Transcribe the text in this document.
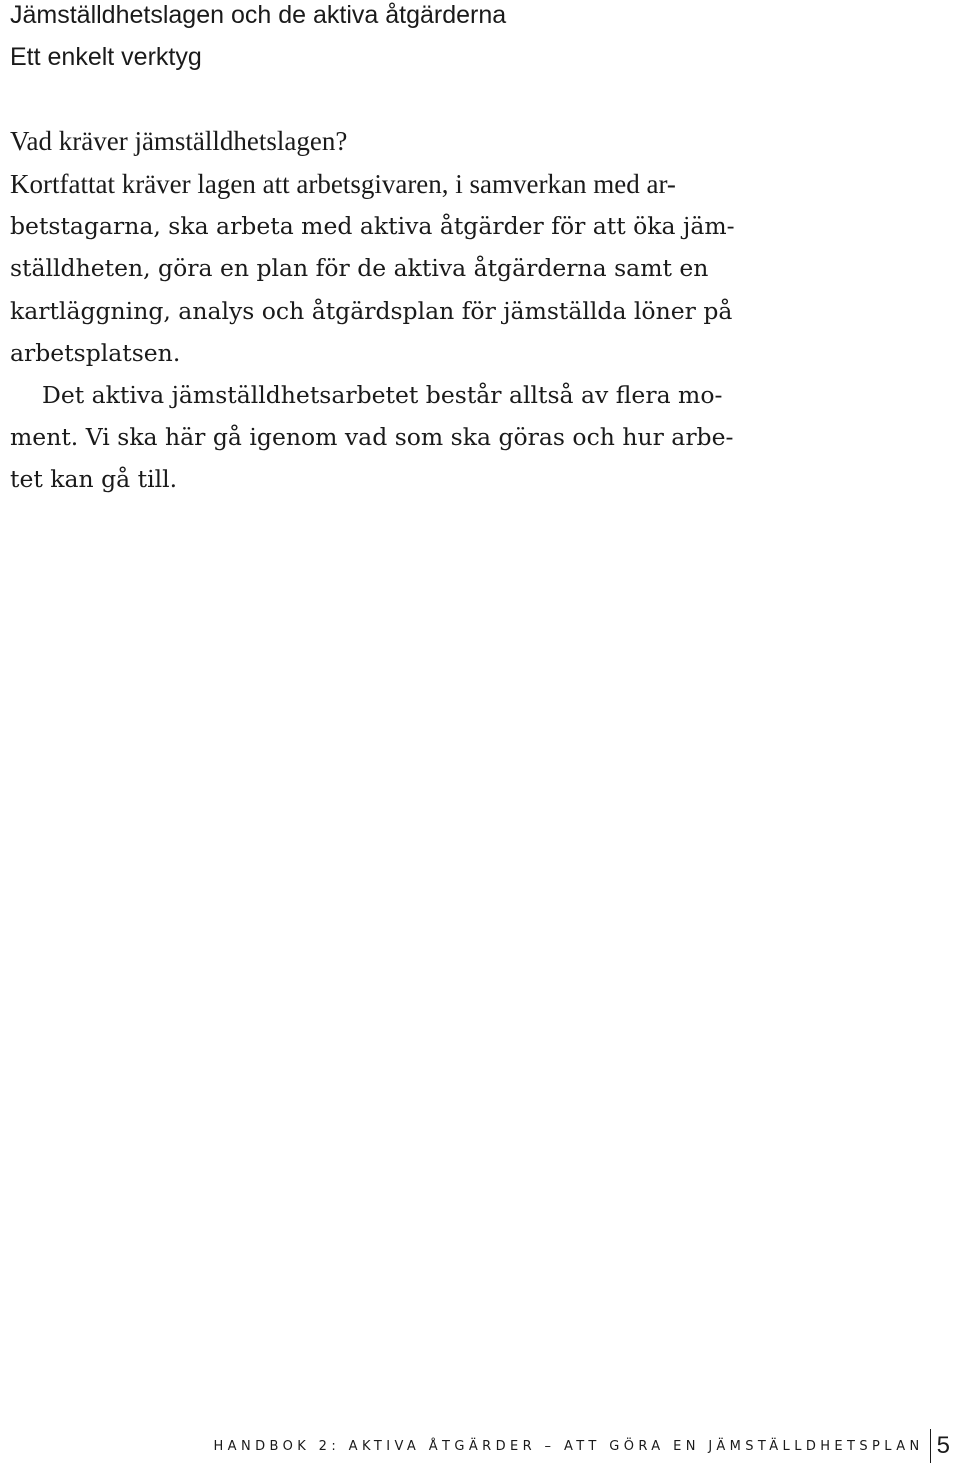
Jämställdhetslagen och de aktiva åtgärderna
Ett enkelt verktyg
Vad kräver jämställdhetslagen?
Kortfattat kräver lagen att arbetsgivaren, i samverkan med ar-
betstagarna, ska arbeta med aktiva åtgärder för att öka jäm-
ställdheten, göra en plan för de aktiva åtgärderna samt en
kartläggning, analys och åtgärdsplan för jämställda löner på
arbetsplatsen.
Det aktiva jämställdhetsarbetet består alltså av flera mo-
ment. Vi ska här gå igenom vad som ska göras och hur arbe-
tet kan gå till.
HANDBOK 2: AKTIVA ÅTGÄRDER – ATT GÖRA EN JÄMSTÄLLDHETSPLAN 5
